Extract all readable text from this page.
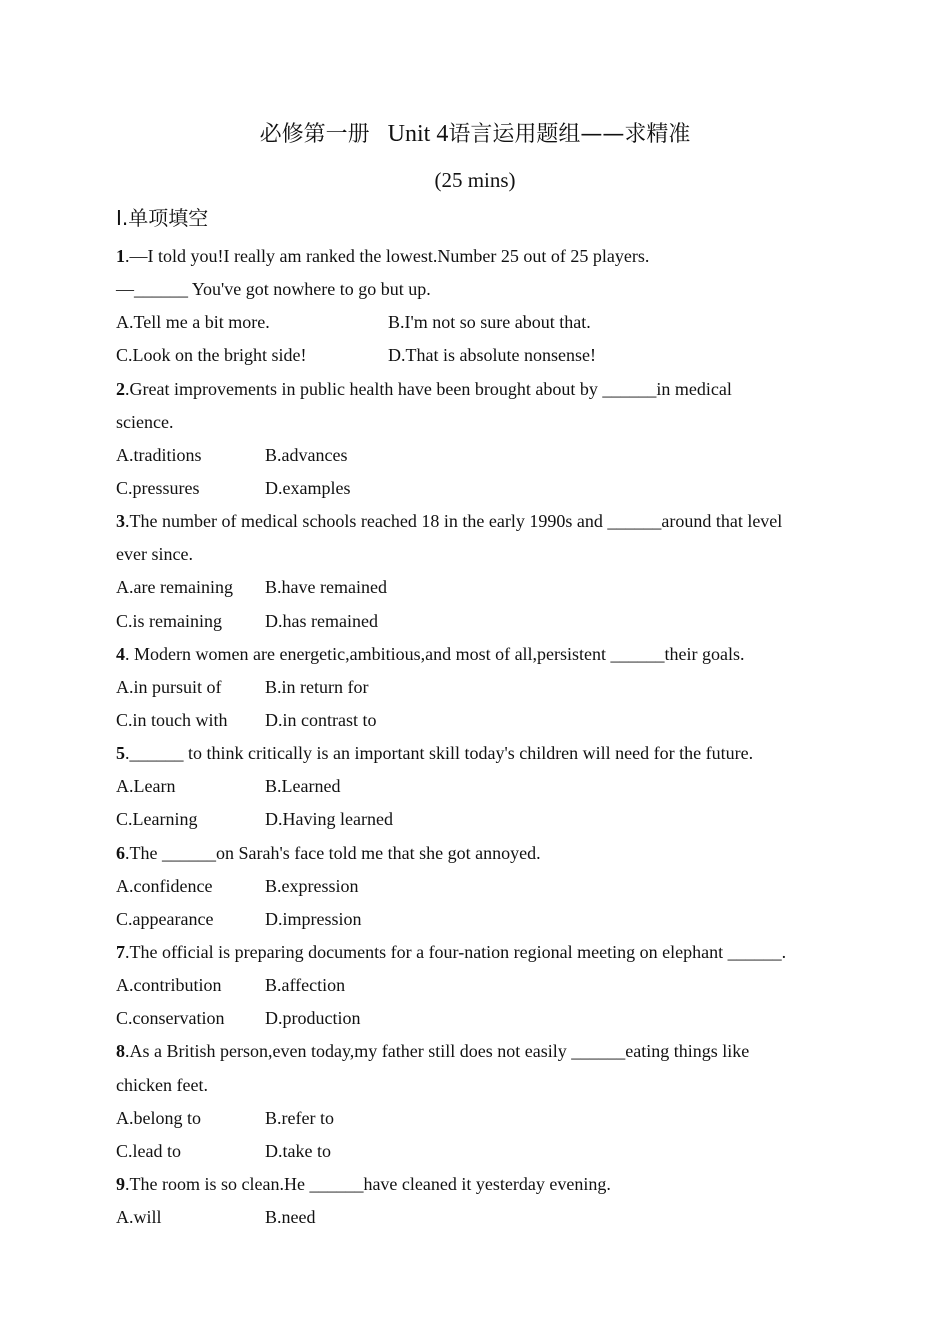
必修第一册 Unit 4语言运用题组——求精准
(25 mins)
Ⅰ.单项填空
1.—I told you!I really am ranked the lowest.Number 25 out of 25 players.
—______ You've got nowhere to go but up.
A.Tell me a bit more.	B.I'm not so sure about that.
C.Look on the bright side!	D.That is absolute nonsense!
2.Great improvements in public health have been brought about by ______in medical
science.
A.traditions	B.advances
C.pressures	D.examples
3.The number of medical schools reached 18 in the early 1990s and ______around that level
ever since.
A.are remaining B.have remained
C.is remaining D.has remained
4. Modern women are energetic,ambitious,and most of all,persistent ______their goals.
A.in pursuit of B.in return for
C.in touch with D.in contrast to
5.______ to think critically is an important skill today's children will need for the future.
A.Learn	B.Learned
C.Learning	D.Having learned
6.The ______on Sarah's face told me that she got annoyed.
A.confidence	B.expression
C.appearance	D.impression
7.The official is preparing documents for a four-nation regional meeting on elephant ______.
A.contribution B.affection
C.conservation D.production
8.As a British person,even today,my father still does not easily ______eating things like
chicken feet.
A.belong to	B.refer to
C.lead to	D.take to
9.The room is so clean.He ______have cleaned it yesterday evening.
A.will	B.need
